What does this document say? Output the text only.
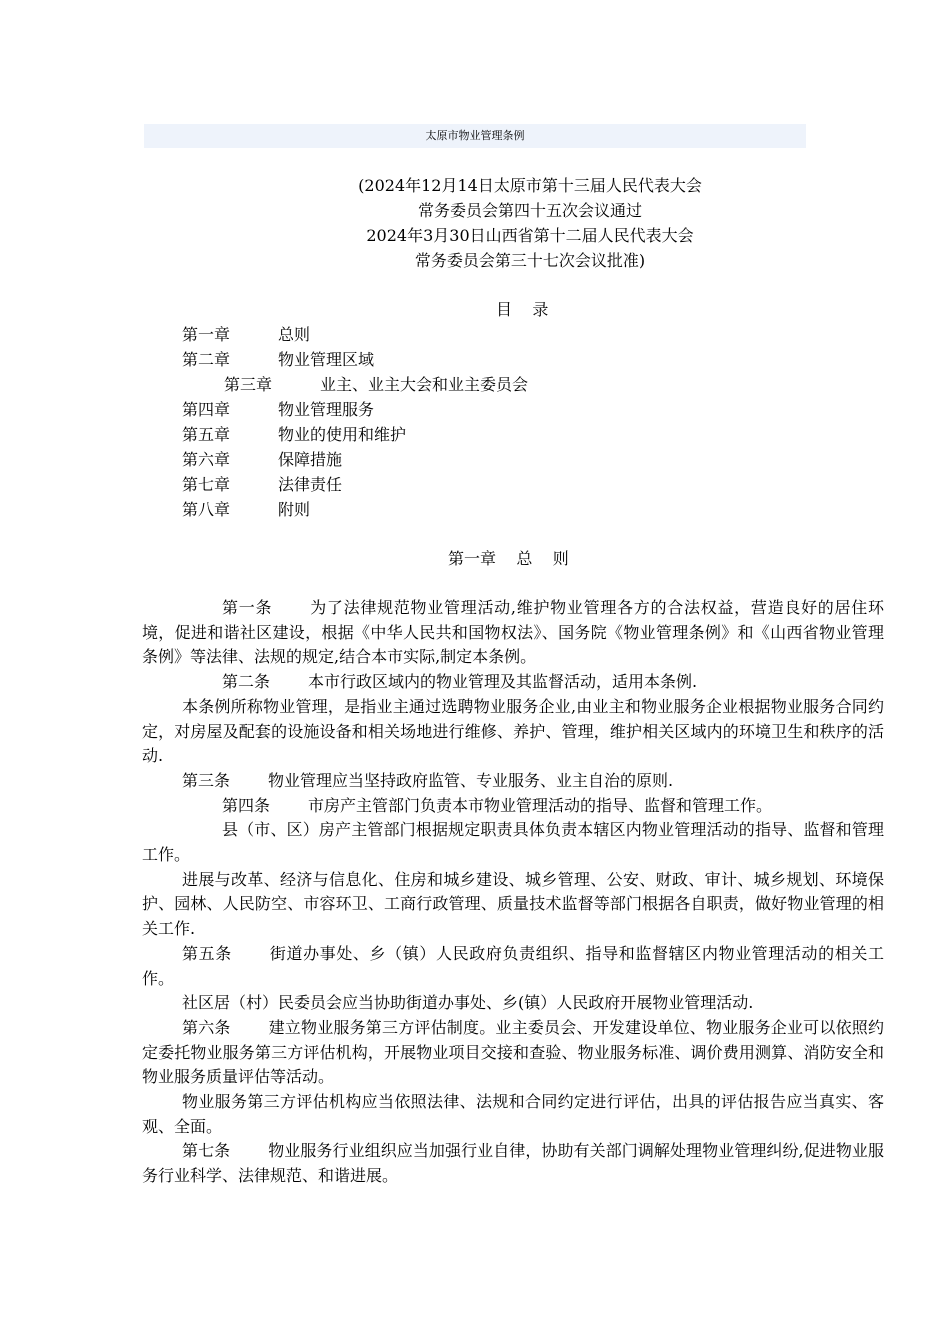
太原市物业管理条例
(2024年12月14日太原市第十三届人民代表大会
常务委员会第四十五次会议通过
2024年3月30日山西省第十二届人民代表大会
常务委员会第三十七次会议批准)
目    录
第一章	总则
第二章	物业管理区域
第三章	业主、业主大会和业主委员会
第四章	物业管理服务
第五章	物业的使用和维护
第六章	保障措施
第七章	法律责任
第八章	附则
第一章    总    则

第一条 为了法律规范物业管理活动,维护物业管理各方的合法权益，营造良好的居住环境，促进和谐社区建设，根据《中华人民共和国物权法》、国务院《物业管理条例》和《山西省物业管理条例》等法律、法规的规定,结合本市实际,制定本条例。

第二条 本市行政区域内的物业管理及其监督活动，适用本条例.

本条例所称物业管理，是指业主通过选聘物业服务企业,由业主和物业服务企业根据物业服务合同约定，对房屋及配套的设施设备和相关场地进行维修、养护、管理，维护相关区域内的环境卫生和秩序的活动.

第三条 物业管理应当坚持政府监管、专业服务、业主自治的原则.

第四条 市房产主管部门负责本市物业管理活动的指导、监督和管理工作。

县（市、区）房产主管部门根据规定职责具体负责本辖区内物业管理活动的指导、监督和管理工作。

进展与改革、经济与信息化、住房和城乡建设、城乡管理、公安、财政、审计、城乡规划、环境保护、园林、人民防空、市容环卫、工商行政管理、质量技术监督等部门根据各自职责，做好物业管理的相关工作.

第五条 街道办事处、乡（镇）人民政府负责组织、指导和监督辖区内物业管理活动的相关工作。

社区居（村）民委员会应当协助街道办事处、乡(镇）人民政府开展物业管理活动.

第六条 建立物业服务第三方评估制度。业主委员会、开发建设单位、物业服务企业可以依照约定委托物业服务第三方评估机构，开展物业项目交接和查验、物业服务标准、调价费用测算、消防安全和物业服务质量评估等活动。

物业服务第三方评估机构应当依照法律、法规和合同约定进行评估，出具的评估报告应当真实、客观、全面。

第七条 物业服务行业组织应当加强行业自律，协助有关部门调解处理物业管理纠纷,促进物业服务行业科学、法律规范、和谐进展。
